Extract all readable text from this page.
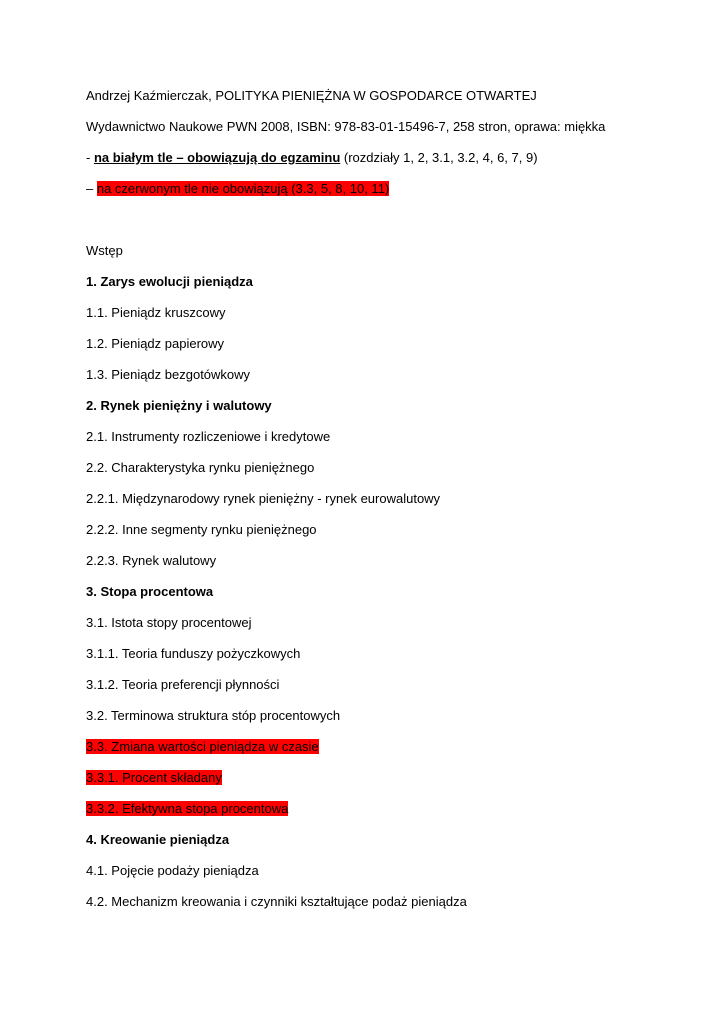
Andrzej Kaźmierczak, POLITYKA PIENIĘŻNA W GOSPODARCE OTWARTEJ
Wydawnictwo Naukowe PWN 2008, ISBN: 978-83-01-15496-7, 258 stron, oprawa: miękka
- na białym tle – obowiązują do egzaminu (rozdziały 1, 2, 3.1, 3.2, 4, 6, 7, 9)
– na czerwonym tle nie obowiązują (3.3, 5, 8, 10, 11)
Wstęp
1. Zarys ewolucji pieniądza
1.1. Pieniądz kruszcowy
1.2. Pieniądz papierowy
1.3. Pieniądz bezgotówkowy
2. Rynek pieniężny i walutowy
2.1. Instrumenty rozliczeniowe i kredytowe
2.2. Charakterystyka rynku pieniężnego
2.2.1. Międzynarodowy rynek pieniężny - rynek eurowalutowy
2.2.2. Inne segmenty rynku pieniężnego
2.2.3. Rynek walutowy
3. Stopa procentowa
3.1. Istota stopy procentowej
3.1.1. Teoria funduszy pożyczkowych
3.1.2. Teoria preferencji płynności
3.2. Terminowa struktura stóp procentowych
3.3. Zmiana wartości pieniądza w czasie
3.3.1. Procent składany
3.3.2. Efektywna stopa procentowa
4. Kreowanie pieniądza
4.1. Pojęcie podaży pieniądza
4.2. Mechanizm kreowania i czynniki kształtujące podaż pieniądza
